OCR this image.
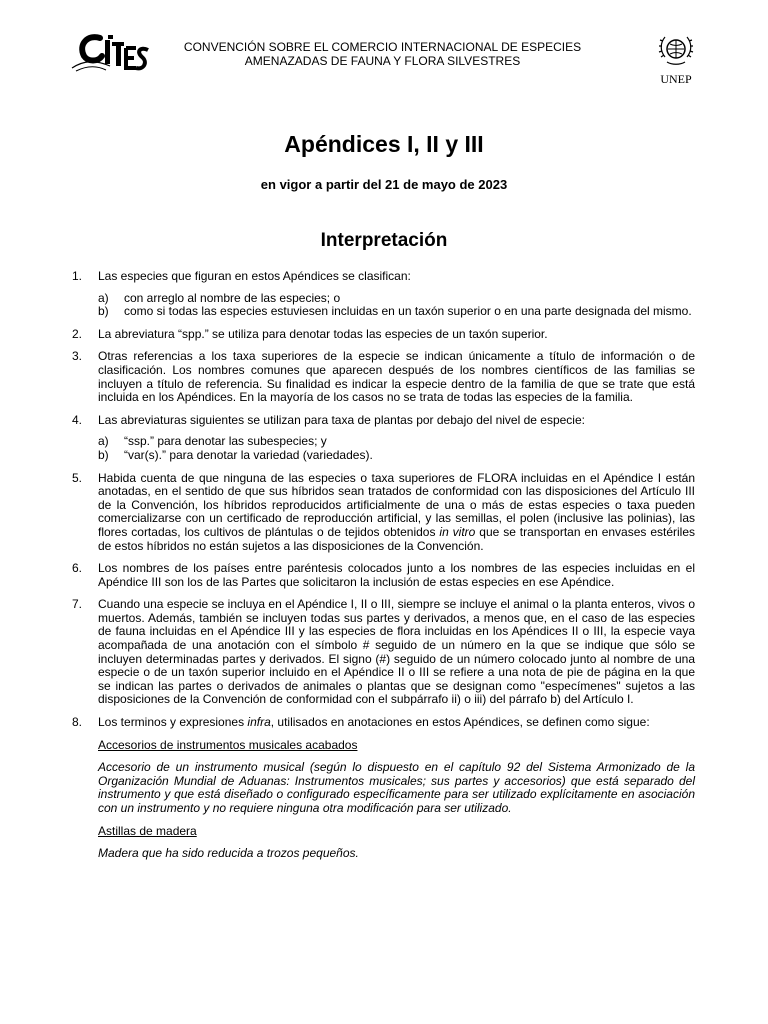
CONVENCIÓN SOBRE EL COMERCIO INTERNACIONAL DE ESPECIES
AMENAZADAS DE FAUNA Y FLORA SILVESTRES
UNEP
Apéndices I, II y III
en vigor a partir del 21 de mayo de 2023
Interpretación
1.	Las especies que figuran en estos Apéndices se clasifican:

a)	con arreglo al nombre de las especies; o
b)	como si todas las especies estuviesen incluidas en un taxón superior o en una parte designada del mismo.
2.	La abreviatura “spp.” se utiliza para denotar todas las especies de un taxón superior.

3.	Otras referencias a los taxa superiores de la especie se indican únicamente a título de información o de clasificación. Los nombres comunes que aparecen después de los nombres científicos de las familias se incluyen a título de referencia. Su finalidad es indicar la especie dentro de la familia de que se trate que está incluida en los Apéndices. En la mayoría de los casos no se trata de todas las especies de la familia.

4.	Las abreviaturas siguientes se utilizan para taxa de plantas por debajo del nivel de especie:

a)	“ssp.” para denotar las subespecies; y
b)	“var(s).” para denotar la variedad (variedades).
5.	Habida cuenta de que ninguna de las especies o taxa superiores de FLORA incluidas en el Apéndice I están anotadas, en el sentido de que sus híbridos sean tratados de conformidad con las disposiciones del Artículo III de la Convención, los híbridos reproducidos artificialmente de una o más de estas especies o taxa pueden comercializarse con un certificado de reproducción artificial, y las semillas, el polen (inclusive las polinias), las flores cortadas, los cultivos de plántulas o de tejidos obtenidos in vitro que se transportan en envases estériles de estos híbridos no están sujetos a las disposiciones de la Convención.

6.	Los nombres de los países entre paréntesis colocados junto a los nombres de las especies incluidas en el Apéndice III son los de las Partes que solicitaron la inclusión de estas especies en ese Apéndice.

7.	Cuando una especie se incluya en el Apéndice I, II o III, siempre se incluye el animal o la planta enteros, vivos o muertos. Además, también se incluyen todas sus partes y derivados, a menos que, en el caso de las especies de fauna incluidas en el Apéndice III y las especies de flora incluidas en los Apéndices II o III, la especie vaya acompañada de una anotación con el símbolo # seguido de un número en la que se indique que sólo se incluyen determinadas partes y derivados. El signo (#) seguido de un número colocado junto al nombre de una especie o de un taxón superior incluido en el Apéndice II o III se refiere a una nota de pie de página en la que se indican las partes o derivados de animales o plantas que se designan como "especímenes" sujetos a las disposiciones de la Convención de conformidad con el subpárrafo ii) o iii) del párrafo b) del Artículo I.

8.	Los terminos y expresiones infra, utilisados en anotaciones en estos Apéndices, se definen como sigue:

Accesorios de instrumentos musicales acabados

Accesorio de un instrumento musical (según lo dispuesto en el capítulo 92 del Sistema Armonizado de la Organización Mundial de Aduanas: Instrumentos musicales; sus partes y accesorios) que está separado del instrumento y que está diseñado o configurado específicamente para ser utilizado explícitamente en asociación con un instrumento y no requiere ninguna otra modificación para ser utilizado.

Astillas de madera

Madera que ha sido reducida a trozos pequeños.
